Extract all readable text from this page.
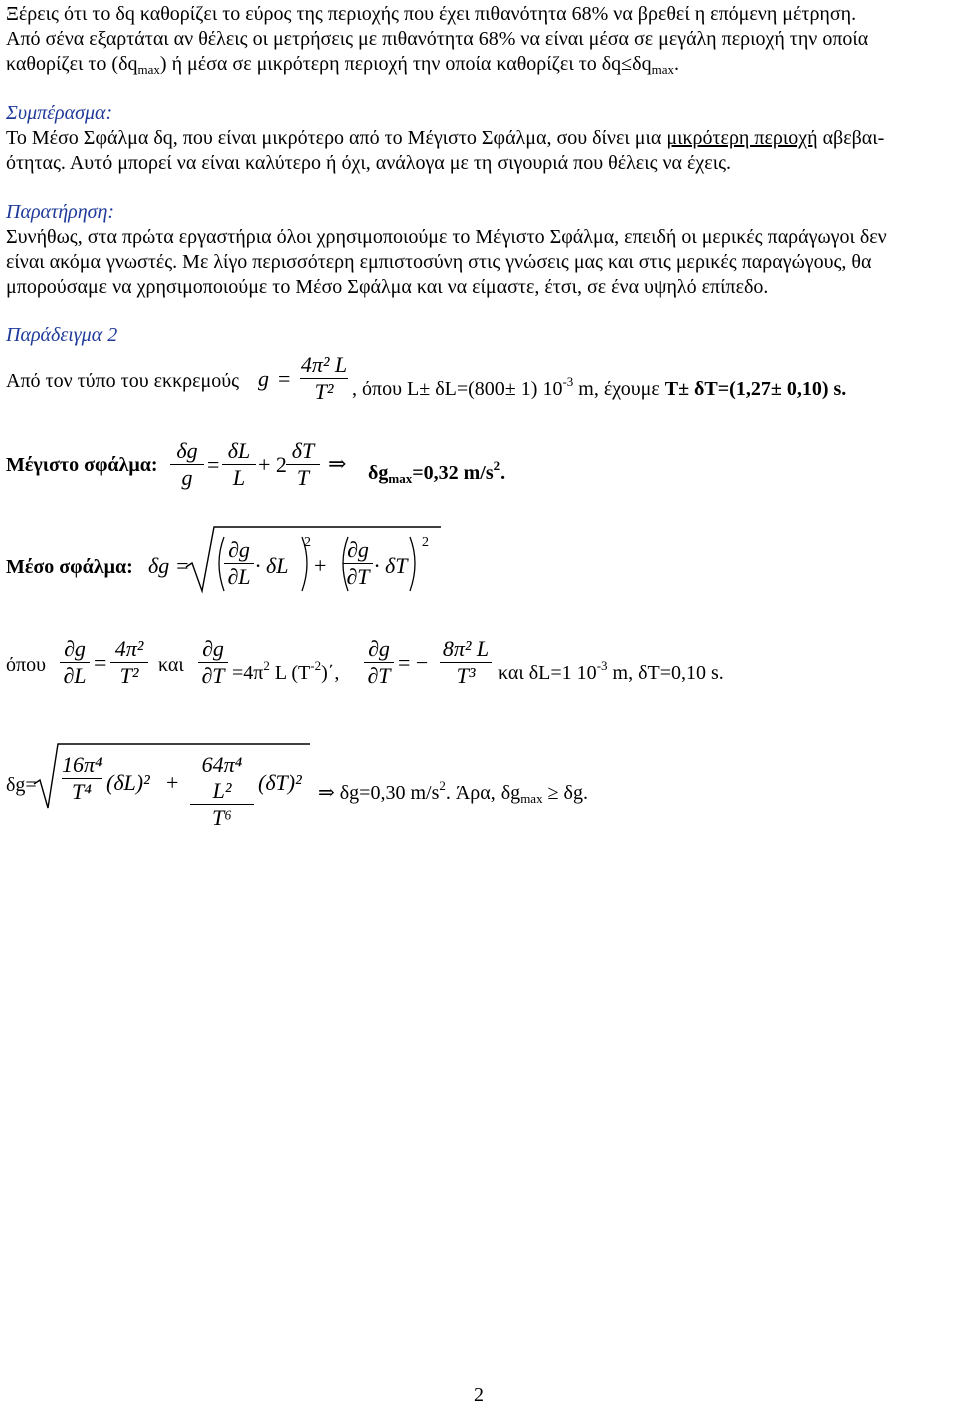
Ξέρεις ότι το δq καθορίζει το εύρος της περιοχής που έχει πιθανότητα 68% να βρεθεί η επόμενη μέτρηση.
Από σένα εξαρτάται αν θέλεις οι μετρήσεις με πιθανότητα 68% να είναι μέσα σε μεγάλη περιοχή την οποία
καθορίζει το $(\delta q_{max})$ ή μέσα σε μικρότερη περιοχή την οποία καθορίζει το $\delta q\le\delta q_{max}$.
Συμπέρασμα:
Το Μέσο Σφάλμα δq, που είναι μικρότερο από το Μέγιστο Σφάλμα, σου δίνει μια μικρότερη περιοχή αβεβαι-
ότητας. Αυτό μπορεί να είναι καλύτερο ή όχι, ανάλογα με τη σιγουριά που θέλεις να έχεις.
Παρατήρηση:
Συνήθως, στα πρώτα εργαστήρια όλοι χρησιμοποιούμε το Μέγιστο Σφάλμα, επειδή οι μερικές παράγωγοι δεν
είναι ακόμα γνωστές. Με λίγο περισσότερη εμπιστοσύνη στις γνώσεις μας και στις μερικές παραγώγους, θα
μπορούσαμε να χρησιμοποιούμε το Μέσο Σφάλμα και να είμαστε, έτσι, σε ένα υψηλό επίπεδο.
Παράδειγμα 2
Από τον τύπο του εκκρεμούς g =
4π² L
T² , όπου L± δL=(800± 1) $10^{-3}$ m, έχουμε T± δT=(1,27± 0,10) s.
Μέγιστο σφάλμα:
δg
g
=
δL
L
+ 2
δT
T
⇒ $\delta g_{max}=0,32$ $m/s^2$.
Μέσο σφάλμα: δg =
∂g
∂L · δL +
2 ∂g
∂T · δT
2
όπου
∂g
∂L
=
4π²
T² και
∂g
$\partial T =4\pi^2$ L $(T^{-2})΄$,
∂g
∂T
= −
8π² L
T³	και δL=1 $10^{-3}$ m, δT=0,10 s.
δg=
16π⁴
T⁴ (δL)² +
64π⁴ L²
T⁶
(δT)² ⇒ δg=0,30 $m/s^2$. Άρα, $\delta g_{max} \ge \delta g$.
2
